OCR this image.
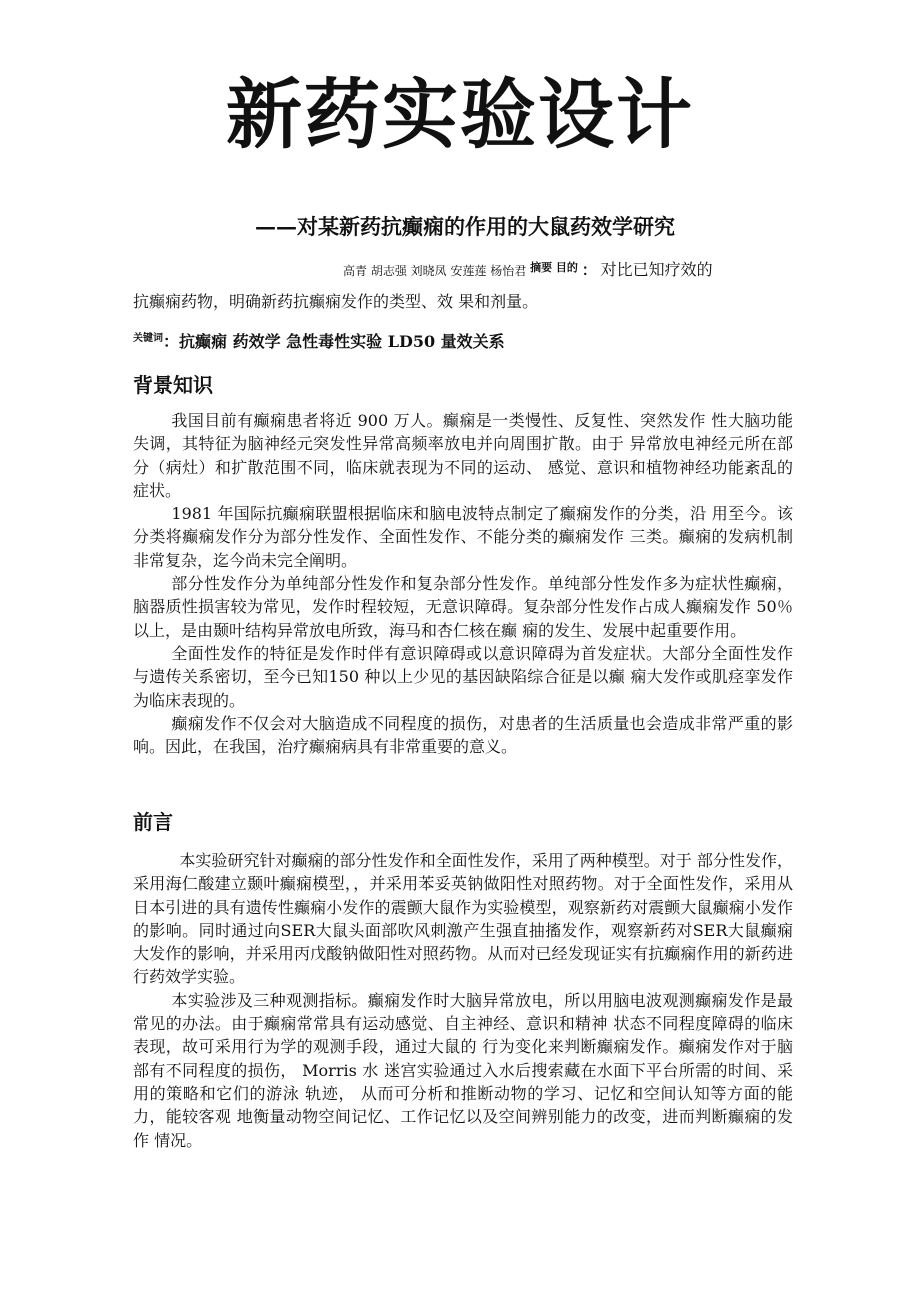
新药实验设计
——对某新药抗癫痫的作用的大鼠药效学研究
高青 胡志强 刘晓凤 安莲莲 杨怡君 摘要 目的 ： 对比已知疗效的
抗癫痫药物，明确新药抗癫痫发作的类型、效 果和剂量。
$^{关键词}$：抗癫痫 药效学 急性毒性实验 LD50 量效关系
背景知识

我国目前有癫痫患者将近 900 万人。癫痫是一类慢性、反复性、突然发作 性大脑功能失调，其特征为脑神经元突发性异常高频率放电并向周围扩散。由于 异常放电神经元所在部分（病灶）和扩散范围不同，临床就表现为不同的运动、 感觉、意识和植物神经功能紊乱的症状。

1981 年国际抗癫痫联盟根据临床和脑电波特点制定了癫痫发作的分类，沿 用至今。该分类将癫痫发作分为部分性发作、全面性发作、不能分类的癫痫发作 三类。癫痫的发病机制非常复杂，迄今尚未完全阐明。

部分性发作分为单纯部分性发作和复杂部分性发作。单纯部分性发作多为症状性癫痫，脑器质性损害较为常见，发作时程较短，无意识障碍。复杂部分性发作占成人癫痫发作 50％以上，是由颞叶结构异常放电所致，海马和杏仁核在癫 痫的发生、发展中起重要作用。

全面性发作的特征是发作时伴有意识障碍或以意识障碍为首发症状。大部分全面性发作与遗传关系密切，至今已知150 种以上少见的基因缺陷综合征是以癫 痫大发作或肌痉挛发作为临床表现的。

癫痫发作不仅会对大脑造成不同程度的损伤，对患者的生活质量也会造成非常严重的影响。因此，在我国，治疗癫痫病具有非常重要的意义。

前言

本实验研究针对癫痫的部分性发作和全面性发作，采用了两种模型。对于 部分性发作，采用海仁酸建立颞叶癫痫模型，，并采用苯妥英钠做阳性对照药物。对于全面性发作，采用从日本引进的具有遗传性癫痫小发作的震颤大鼠作为实验模型，观察新药对震颤大鼠癫痫小发作的影响。同时通过向SER大鼠头面部吹风刺激产生强直抽搐发作，观察新药对SER大鼠癫痫大发作的影响，并采用丙戊酸钠做阳性对照药物。从而对已经发现证实有抗癫痫作用的新药进行药效学实验。

本实验涉及三种观测指标。癫痫发作时大脑异常放电，所以用脑电波观测癫痫发作是最常见的办法。由于癫痫常常具有运动感觉、自主神经、意识和精神 状态不同程度障碍的临床表现，故可采用行为学的观测手段，通过大鼠的 行为变化来判断癫痫发作。癫痫发作对于脑部有不同程度的损伤， Morris 水 迷宫实验通过入水后搜索藏在水面下平台所需的时间、采用的策略和它们的游泳 轨迹， 从而可分析和推断动物的学习、记忆和空间认知等方面的能力，能较客观 地衡量动物空间记忆、工作记忆以及空间辨别能力的改变，进而判断癫痫的发作 情况。
